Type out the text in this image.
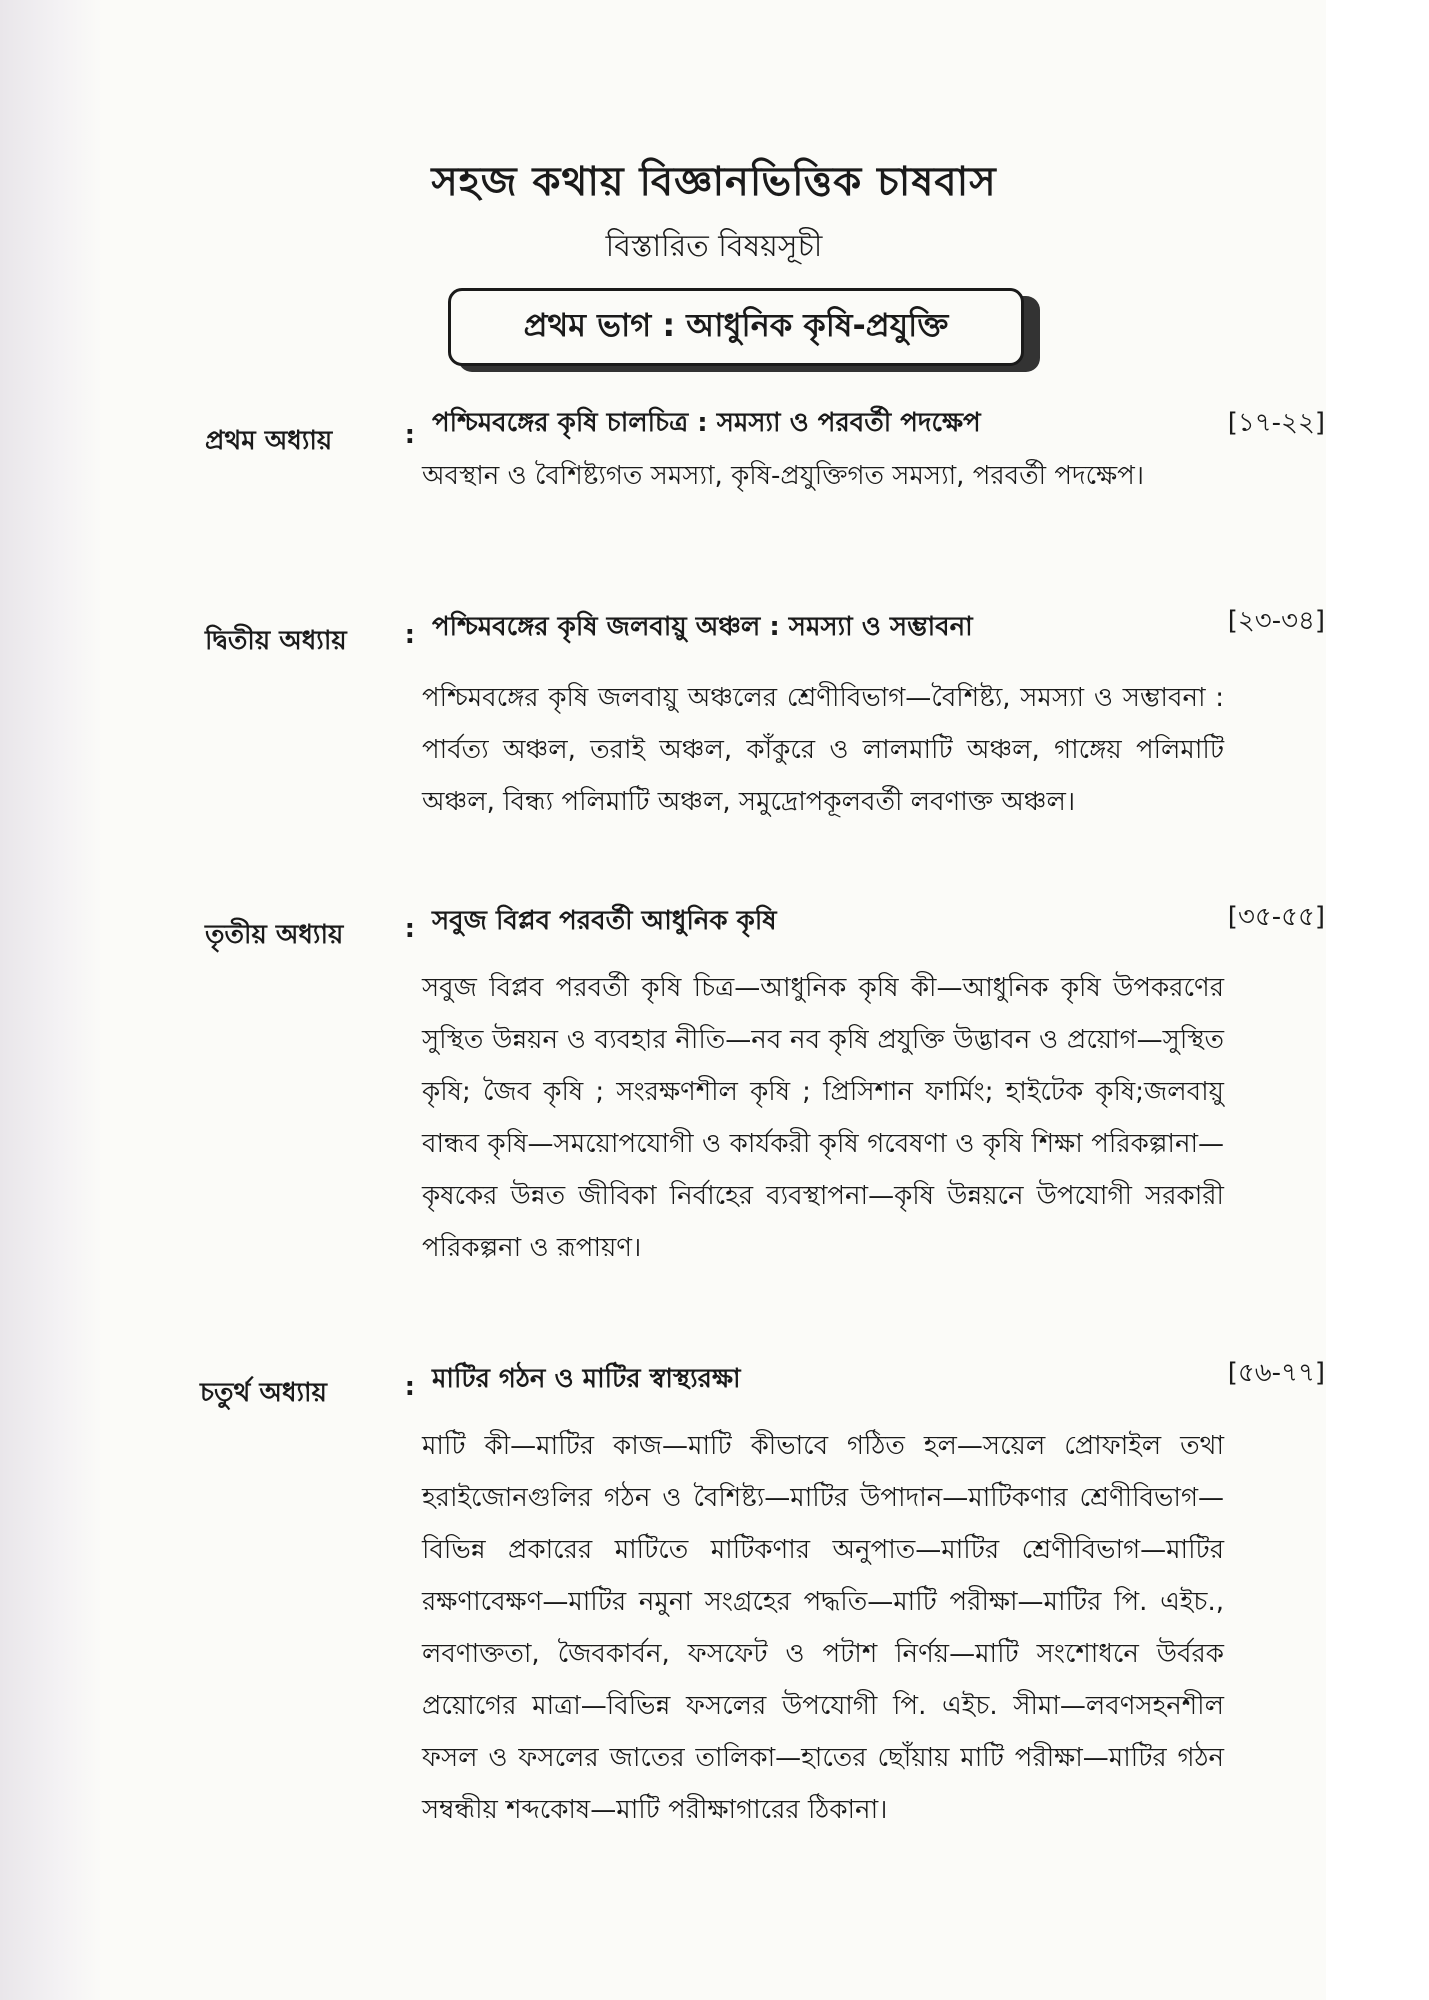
সহজ কথায় বিজ্ঞানভিত্তিক চাষবাস
বিস্তারিত বিষয়সূচী
প্রথম ভাগ : আধুনিক কৃষি-প্রযুক্তি
প্রথম অধ্যায়	: পশ্চিমবঙ্গের কৃষি চালচিত্র : সমস্যা ও পরবর্তী পদক্ষেপ	[১৭-২২]
অবস্থান ও বৈশিষ্ট্যগত সমস্যা, কৃষি-প্রযুক্তিগত সমস্যা, পরবর্তী পদক্ষেপ।
দ্বিতীয় অধ্যায় : পশ্চিমবঙ্গের কৃষি জলবায়ু অঞ্চল : সমস্যা ও সম্ভাবনা	[২৩-৩৪]
পশ্চিমবঙ্গের কৃষি জলবায়ু অঞ্চলের শ্রেণীবিভাগ—বৈশিষ্ট্য, সমস্যা ও সম্ভাবনা : পার্বত্য অঞ্চল, তরাই অঞ্চল, কাঁকুরে ও লালমাটি অঞ্চল, গাঙ্গেয় পলিমাটি অঞ্চল, বিন্ধ্য পলিমাটি অঞ্চল, সমুদ্রোপকূলবর্তী লবণাক্ত অঞ্চল।
তৃতীয় অধ্যায় : সবুজ বিপ্লব পরবর্তী আধুনিক কৃষি	[৩৫-৫৫]
সবুজ বিপ্লব পরবর্তী কৃষি চিত্র—আধুনিক কৃষি কী—আধুনিক কৃষি উপকরণের সুস্থিত উন্নয়ন ও ব্যবহার নীতি—নব নব কৃষি প্রযুক্তি উদ্ভাবন ও প্রয়োগ—সুস্থিত কৃষি; জৈব কৃষি ; সংরক্ষণশীল কৃষি ; প্রিসিশান ফার্মিং; হাইটেক কৃষি;জলবায়ু বান্ধব কৃষি—সময়োপযোগী ও কার্যকরী কৃষি গবেষণা ও কৃষি শিক্ষা পরিকল্পানা—কৃষকের উন্নত জীবিকা নির্বাহের ব্যবস্থাপনা—কৃষি উন্নয়নে উপযোগী সরকারী পরিকল্পনা ও রূপায়ণ।
চতুর্থ অধ্যায়	: মাটির গঠন ও মাটির স্বাস্থ্যরক্ষা	[৫৬-৭৭]
মাটি কী—মাটির কাজ—মাটি কীভাবে গঠিত হল—সয়েল প্রোফাইল তথা হরাইজোনগুলির গঠন ও বৈশিষ্ট্য—মাটির উপাদান—মাটিকণার শ্রেণীবিভাগ—বিভিন্ন প্রকারের মাটিতে মাটিকণার অনুপাত—মাটির শ্রেণীবিভাগ—মাটির রক্ষণাবেক্ষণ—মাটির নমুনা সংগ্রহের পদ্ধতি—মাটি পরীক্ষা—মাটির পি. এইচ., লবণাক্ততা, জৈবকার্বন, ফসফেট ও পটাশ নির্ণয়—মাটি সংশোধনে উর্বরক প্রয়োগের মাত্রা—বিভিন্ন ফসলের উপযোগী পি. এইচ. সীমা—লবণসহনশীল ফসল ও ফসলের জাতের তালিকা—হাতের ছোঁয়ায় মাটি পরীক্ষা—মাটির গঠন সম্বন্ধীয় শব্দকোষ—মাটি পরীক্ষাগারের ঠিকানা।
